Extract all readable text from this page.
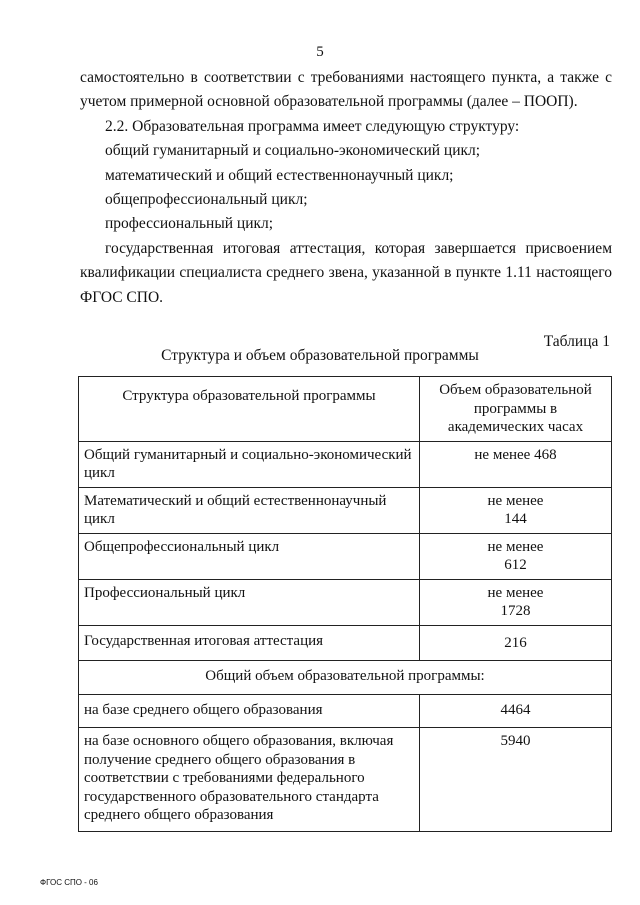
5

самостоятельно в соответствии с требованиями настоящего пункта, а также с

учетом примерной основной образовательной программы (далее – ПООП).

2.2. Образовательная программа имеет следующую структуру:

общий гуманитарный и социально-экономический цикл;

математический и общий естественнонаучный цикл;

общепрофессиональный цикл;

профессиональный цикл;

государственная итоговая аттестация, которая завершается присвоением

квалификации специалиста среднего звена, указанной в пункте 1.11 настоящего

ФГОС СПО.

Таблица 1
Структура и объем образовательной программы
Структура образовательной программы	Объем образовательной программы в академических часах
Общий гуманитарный и социально-экономический цикл	не менее 468
Математический и общий естественнонаучный цикл	не менее
144

Общепрофессиональный цикл	не менее
612

Профессиональный цикл	не менее
1728

Государственная итоговая аттестация	216
Общий объем образовательной программы:	
на базе среднего общего образования	4464
на базе основного общего образования, включая получение среднего общего образования в соответствии с требованиями федерального государственного образовательного стандарта среднего общего образования	5940
ФГОС СПО - 06
